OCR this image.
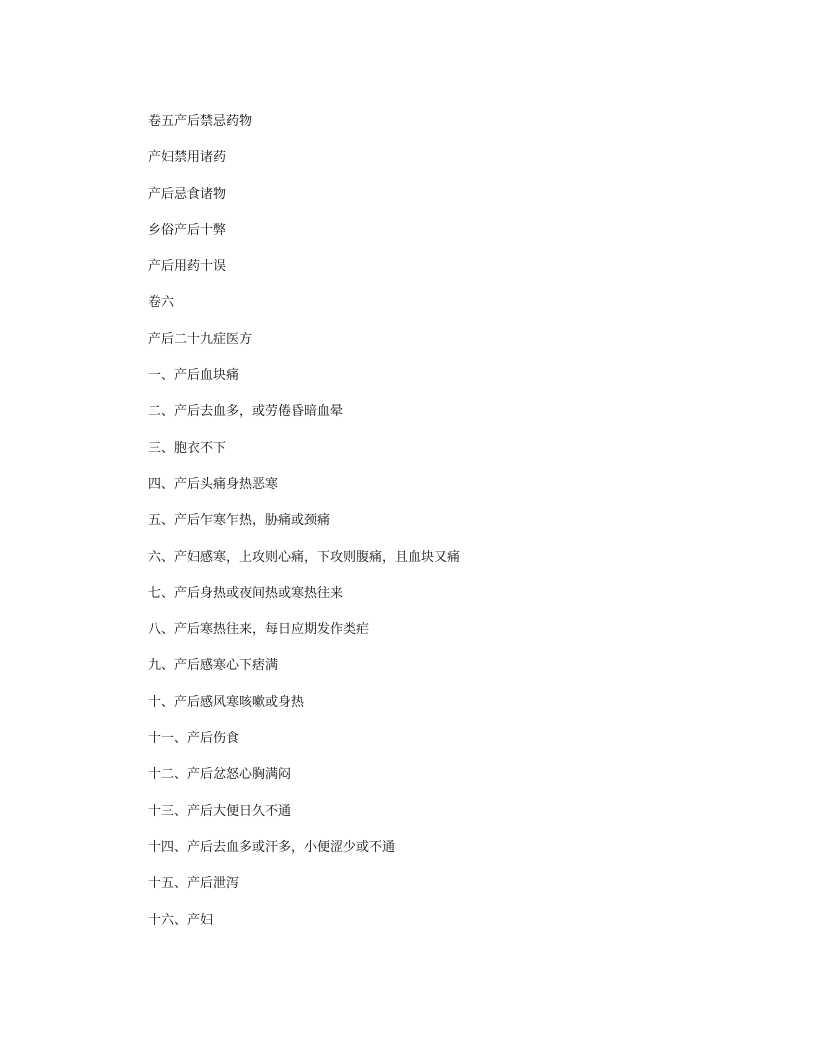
卷五产后禁忌药物
产妇禁用诸药
产后忌食诸物
乡俗产后十弊
产后用药十误
卷六
产后二十九症医方
一、产后血块痛
二、产后去血多，或劳倦昏暗血晕
三、胞衣不下
四、产后头痛身热恶寒
五、产后乍寒乍热，胁痛或颈痛
六、产妇感寒，上攻则心痛，下攻则腹痛，且血块又痛
七、产后身热或夜间热或寒热往来
八、产后寒热往来，每日应期发作类疟
九、产后感寒心下痞满
十、产后感风寒咳嗽或身热
十一、产后伤食
十二、产后忿怒心胸满闷
十三、产后大便日久不通
十四、产后去血多或汗多，小便涩少或不通
十五、产后泄泻
十六、产妇
